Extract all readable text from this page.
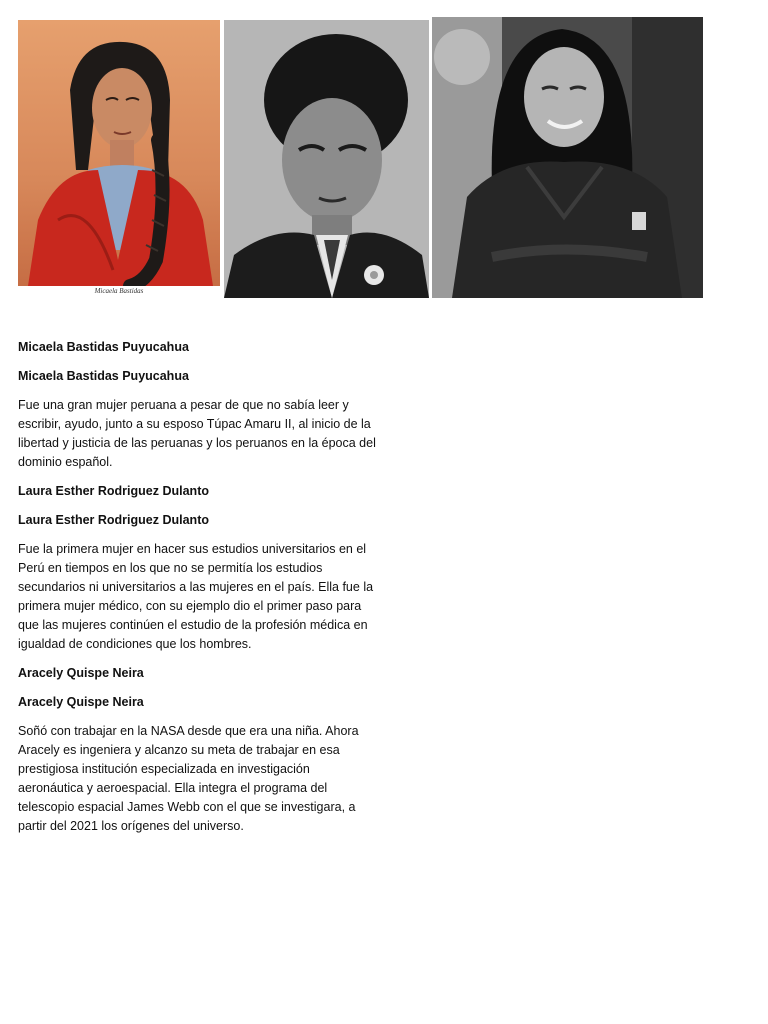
Micaela Bastidas

Micaela Bastidas Puyucahua

Micaela Bastidas Puyucahua

Fue una gran mujer peruana a pesar de que no sabía leer y escribir, ayudo, junto a su esposo Túpac Amaru II, al inicio de la libertad y justicia de las peruanas y los peruanos en la época del dominio español.

Laura Esther Rodriguez Dulanto

Laura Esther Rodriguez Dulanto

Fue la primera mujer en hacer sus estudios universitarios en el Perú en tiempos en los que no se permitía los estudios secundarios ni universitarios a las mujeres en el país. Ella fue la primera mujer médico, con su ejemplo dio el primer paso para que las mujeres continúen el estudio de la profesión médica en igualdad de condiciones que los hombres.

Aracely Quispe Neira

Aracely Quispe Neira

Soñó con trabajar en la NASA desde que era una niña. Ahora Aracely es ingeniera y alcanzo su meta de trabajar en esa prestigiosa institución especializada en investigación aeronáutica y aeroespacial. Ella integra el programa del telescopio espacial James Webb con el que se investigara, a partir del 2021 los orígenes del universo.
